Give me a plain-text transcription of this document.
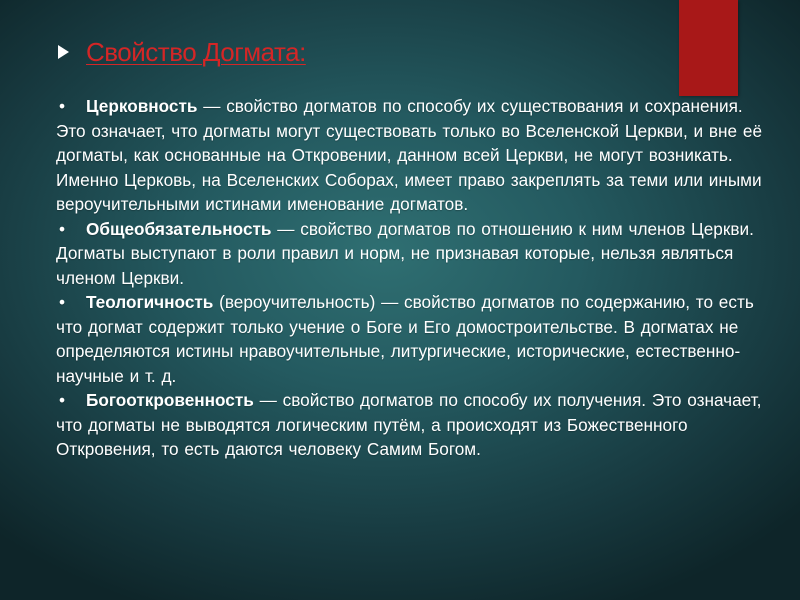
Свойство Догмата:

• Церковность — свойство догматов по способу их существования и сохранения. Это означает, что догматы могут существовать только во Вселенской Церкви, и вне её догматы, как основанные на Откровении, данном всей Церкви, не могут возникать. Именно Церковь, на Вселенских Соборах, имеет право закреплять за теми или иными вероучительными истинами именование догматов.

• Общеобязательность — свойство догматов по отношению к ним членов Церкви. Догматы выступают в роли правил и норм, не признавая которые, нельзя являться членом Церкви.

• Теологичность (вероучительность) — свойство догматов по содержанию, то есть что догмат содержит только учение о Боге и Его домостроительстве. В догматах не определяются истины нравоучительные, литургические, исторические, естественно-научные и т. д.

• Богооткровенность — свойство догматов по способу их получения. Это означает, что догматы не выводятся логическим путём, а происходят из Божественного Откровения, то есть даются человеку Самим Богом.
